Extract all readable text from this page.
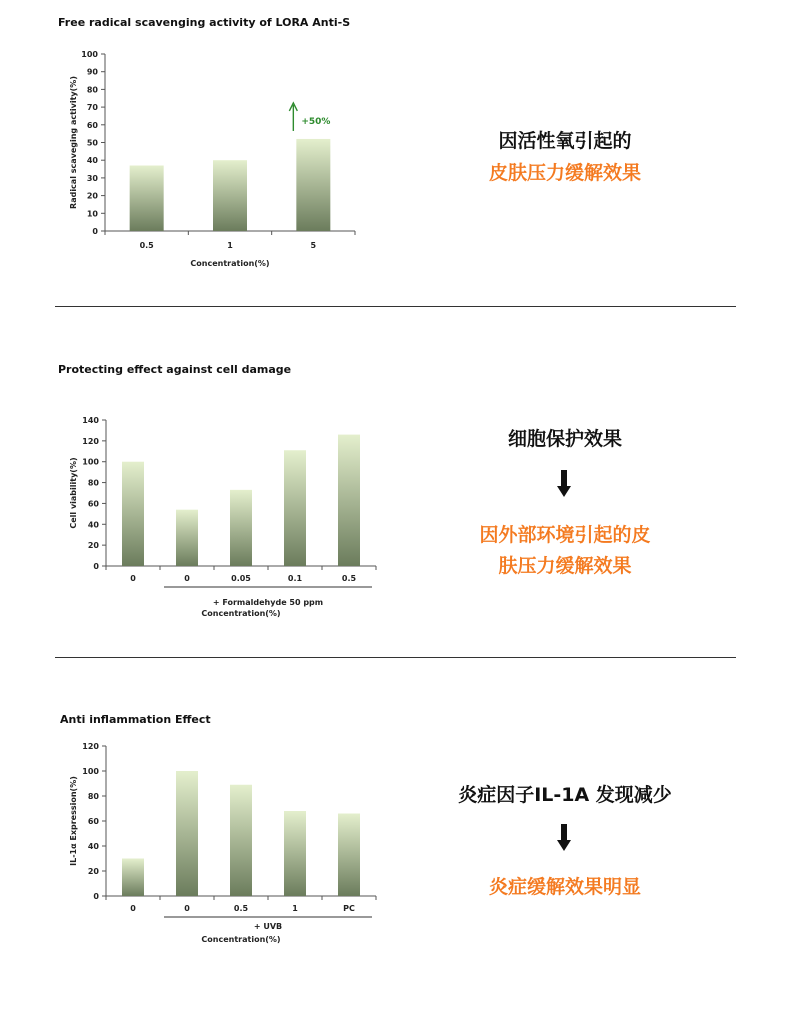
Free radical scavenging activity of LORA Anti-S
0
10
20
30
40
50
60
70
80
90
100
0.5	1	5
Concentration(%)
Radical scaveging activity(%)	+50%
因活性氧引起的
皮肤压力缓解效果
Protecting effect against cell damage
0
20
40
60
80
100
120
140
0	0	0.05	0.1	0.5
+ Formaldehyde 50 ppm
Concentration(%)
Cell viability(%)
细胞保护效果
因外部环境引起的皮
肤压力缓解效果
Anti inflammation Effect
0
20
40
60
80
100
120
0	0	0.5	1	PC
+ UVB
Concentration(%)
IL-1α Expression(%)	炎症因子IL-1A 发现减少
炎症缓解效果明显
